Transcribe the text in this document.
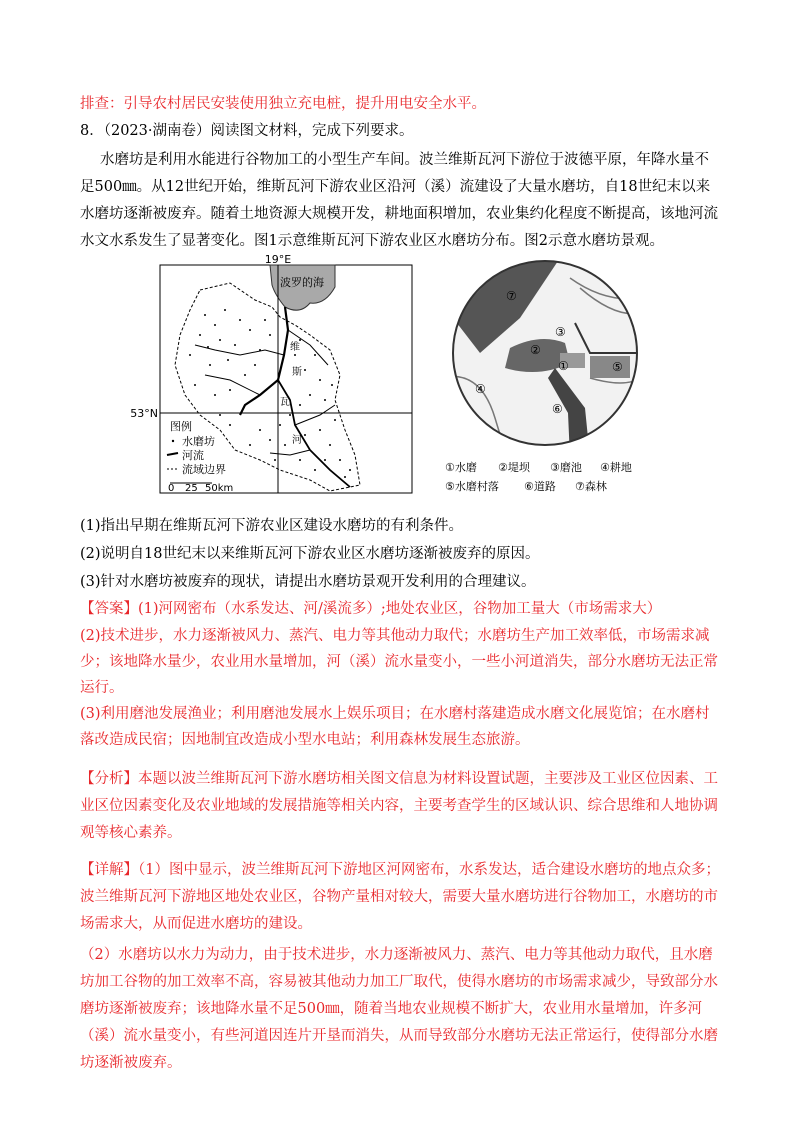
排查：引导农村居民安装使用独立充电桩，提升用电安全水平。
8．（2023·湖南卷）阅读图文材料，完成下列要求。
水磨坊是利用水能进行谷物加工的小型生产车间。波兰维斯瓦河下游位于波德平原，年降水量不
足500㎜。从12世纪开始，维斯瓦河下游农业区沿河（溪）流建设了大量水磨坊，自18世纪末以来
水磨坊逐渐被废弃。随着土地资源大规模开发，耕地面积增加，农业集约化程度不断提高，该地河流
水文水系发生了显著变化。图1示意维斯瓦河下游农业区水磨坊分布。图2示意水磨坊景观。
19°E
53°N
波罗的海
维
斯
瓦
河
图例
水磨坊
河流
流域边界
0 25 50km
①
②
③
④
⑤
⑥
⑦
①水磨 ②堤坝 ③磨池 ④耕地
⑤水磨村落 ⑥道路 ⑦森林
(1)指出早期在维斯瓦河下游农业区建设水磨坊的有利条件。
(2)说明自18世纪末以来维斯瓦河下游农业区水磨坊逐渐被废弃的原因。
(3)针对水磨坊被废弃的现状，请提出水磨坊景观开发利用的合理建议。
【答案】(1)河网密布（水系发达、河/溪流多）;地处农业区，谷物加工量大（市场需求大）
(2)技术进步，水力逐渐被风力、蒸汽、电力等其他动力取代；水磨坊生产加工效率低，市场需求减
少；该地降水量少，农业用水量增加，河（溪）流水量变小，一些小河道消失，部分水磨坊无法正常
运行。
(3)利用磨池发展渔业；利用磨池发展水上娱乐项目；在水磨村落建造成水磨文化展览馆；在水磨村
落改造成民宿；因地制宜改造成小型水电站；利用森林发展生态旅游。
【分析】本题以波兰维斯瓦河下游水磨坊相关图文信息为材料设置试题，主要涉及工业区位因素、工
业区位因素变化及农业地域的发展措施等相关内容，主要考查学生的区域认识、综合思维和人地协调
观等核心素养。
【详解】（1）图中显示，波兰维斯瓦河下游地区河网密布，水系发达，适合建设水磨坊的地点众多；
波兰维斯瓦河下游地区地处农业区，谷物产量相对较大，需要大量水磨坊进行谷物加工，水磨坊的市
场需求大，从而促进水磨坊的建设。
（2）水磨坊以水力为动力，由于技术进步，水力逐渐被风力、蒸汽、电力等其他动力取代，且水磨
坊加工谷物的加工效率不高，容易被其他动力加工厂取代，使得水磨坊的市场需求减少，导致部分水
磨坊逐渐被废弃；该地降水量不足500㎜，随着当地农业规模不断扩大，农业用水量增加，许多河
（溪）流水量变小，有些河道因连片开垦而消失，从而导致部分水磨坊无法正常运行，使得部分水磨
坊逐渐被废弃。
